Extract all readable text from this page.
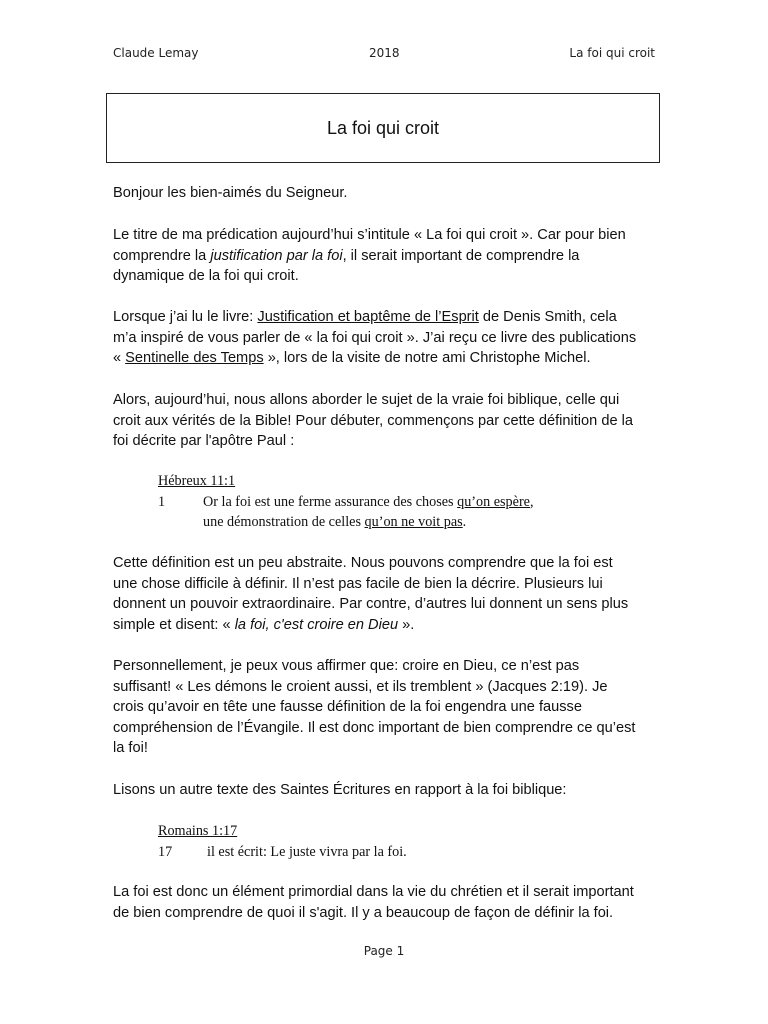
Claude Lemay	2018	La foi qui croit
La foi qui croit

Bonjour les bien-aimés du Seigneur.

Le titre de ma prédication aujourd’hui s’intitule « La foi qui croit ». Car pour bien
comprendre la justification par la foi, il serait important de comprendre la
dynamique de la foi qui croit.

Lorsque j’ai lu le livre: Justification et baptême de l’Esprit de Denis Smith, cela
m’a inspiré de vous parler de « la foi qui croit ». J’ai reçu ce livre des publications
« Sentinelle des Temps », lors de la visite de notre ami Christophe Michel.

Alors, aujourd’hui, nous allons aborder le sujet de la vraie foi biblique, celle qui
croit aux vérités de la Bible! Pour débuter, commençons par cette définition de la
foi décrite par l'apôtre Paul :

Hébreux 11:1
1	Or la foi est une ferme assurance des choses qu’on espère,
une démonstration de celles qu’on ne voit pas.

Cette définition est un peu abstraite. Nous pouvons comprendre que la foi est
une chose difficile à définir. Il n’est pas facile de bien la décrire. Plusieurs lui
donnent un pouvoir extraordinaire. Par contre, d’autres lui donnent un sens plus
simple et disent: « la foi, c'est croire en Dieu ».

Personnellement, je peux vous affirmer que: croire en Dieu, ce n’est pas
suffisant! « Les démons le croient aussi, et ils tremblent » (Jacques 2:19). Je
crois qu’avoir en tête une fausse définition de la foi engendra une fausse
compréhension de l’Évangile. Il est donc important de bien comprendre ce qu’est
la foi!

Lisons un autre texte des Saintes Écritures en rapport à la foi biblique:

Romains 1:17
17 il est écrit: Le juste vivra par la foi.

La foi est donc un élément primordial dans la vie du chrétien et il serait important
de bien comprendre de quoi il s'agit. Il y a beaucoup de façon de définir la foi.

Page 1
